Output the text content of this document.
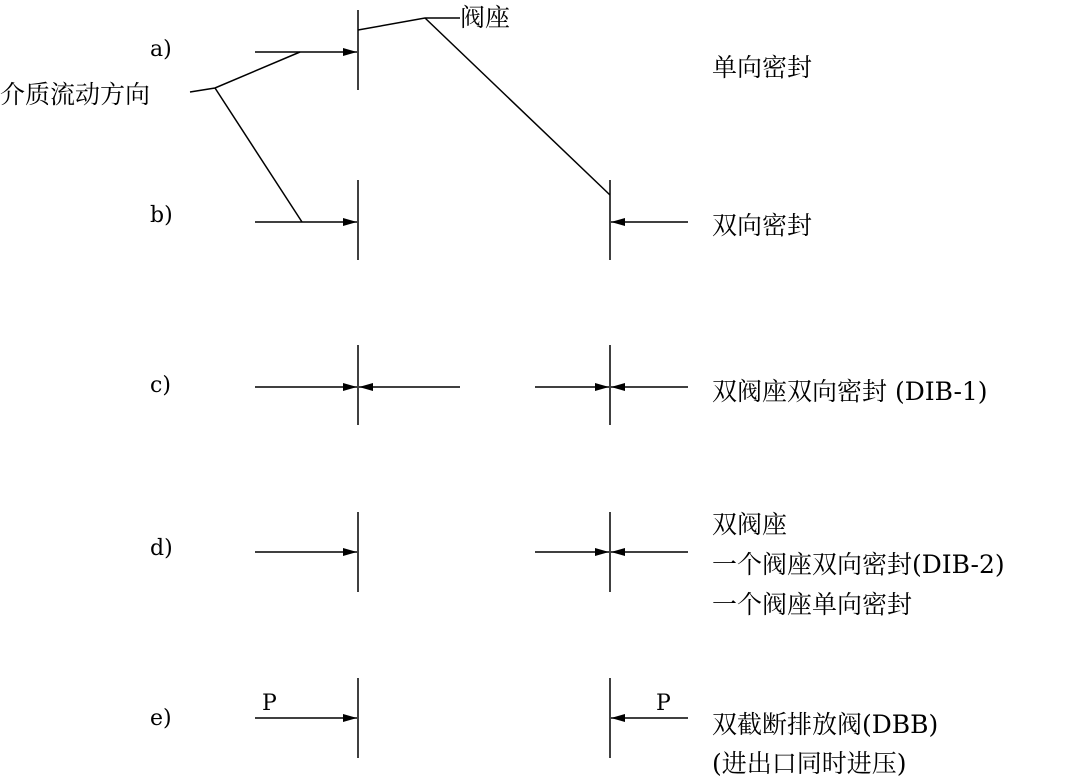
阀座
介质流动方向
a)
单向密封
b)	双向密封
c)	双阀座双向密封 (DIB-1)
d)
双阀座
一个阀座双向密封(DIB-2)
一个阀座单向密封
e)
P	P
双截断排放阀(DBB)
(进出口同时进压)
